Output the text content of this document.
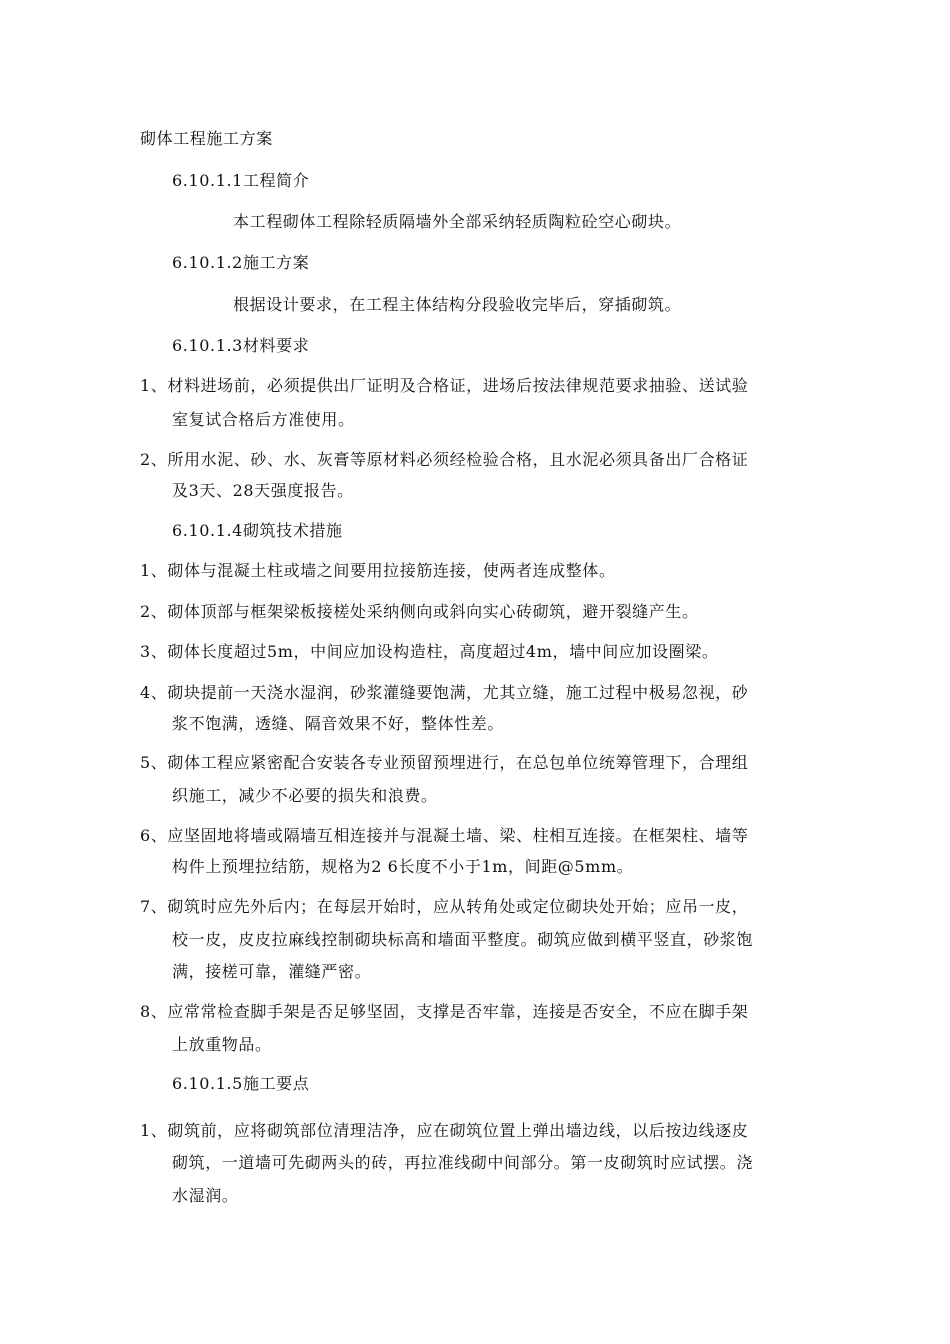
砌体工程施工方案
6.10.1.1工程简介
本工程砌体工程除轻质隔墙外全部采纳轻质陶粒砼空心砌块。
6.10.1.2施工方案
根据设计要求，在工程主体结构分段验收完毕后，穿插砌筑。
6.10.1.3材料要求
1、材料进场前，必须提供出厂证明及合格证，进场后按法律规范要求抽验、送试验
室复试合格后方准使用。
2、所用水泥、砂、水、灰膏等原材料必须经检验合格，且水泥必须具备出厂合格证
及3天、28天强度报告。
6.10.1.4砌筑技术措施
1、砌体与混凝土柱或墙之间要用拉接筋连接，使两者连成整体。
2、砌体顶部与框架梁板接槎处采纳侧向或斜向实心砖砌筑，避开裂缝产生。
3、砌体长度超过5m，中间应加设构造柱，高度超过4m，墙中间应加设圈梁。
4、砌块提前一天浇水湿润，砂浆灌缝要饱满，尤其立缝，施工过程中极易忽视，砂
浆不饱满，透缝、隔音效果不好，整体性差。
5、砌体工程应紧密配合安装各专业预留预埋进行，在总包单位统筹管理下，合理组
织施工，减少不必要的损失和浪费。
6、应坚固地将墙或隔墙互相连接并与混凝土墙、梁、柱相互连接。在框架柱、墙等
构件上预埋拉结筋，规格为2 6长度不小于1m，间距@5mm。
7、砌筑时应先外后内；在每层开始时，应从转角处或定位砌块处开始；应吊一皮，
校一皮，皮皮拉麻线控制砌块标高和墙面平整度。砌筑应做到横平竖直，砂浆饱
满，接槎可靠，灌缝严密。
8、应常常检查脚手架是否足够坚固，支撑是否牢靠，连接是否安全，不应在脚手架
上放重物品。
6.10.1.5施工要点
1、砌筑前，应将砌筑部位清理洁净，应在砌筑位置上弹出墙边线，以后按边线逐皮
砌筑，一道墙可先砌两头的砖，再拉准线砌中间部分。第一皮砌筑时应试摆。浇
水湿润。
